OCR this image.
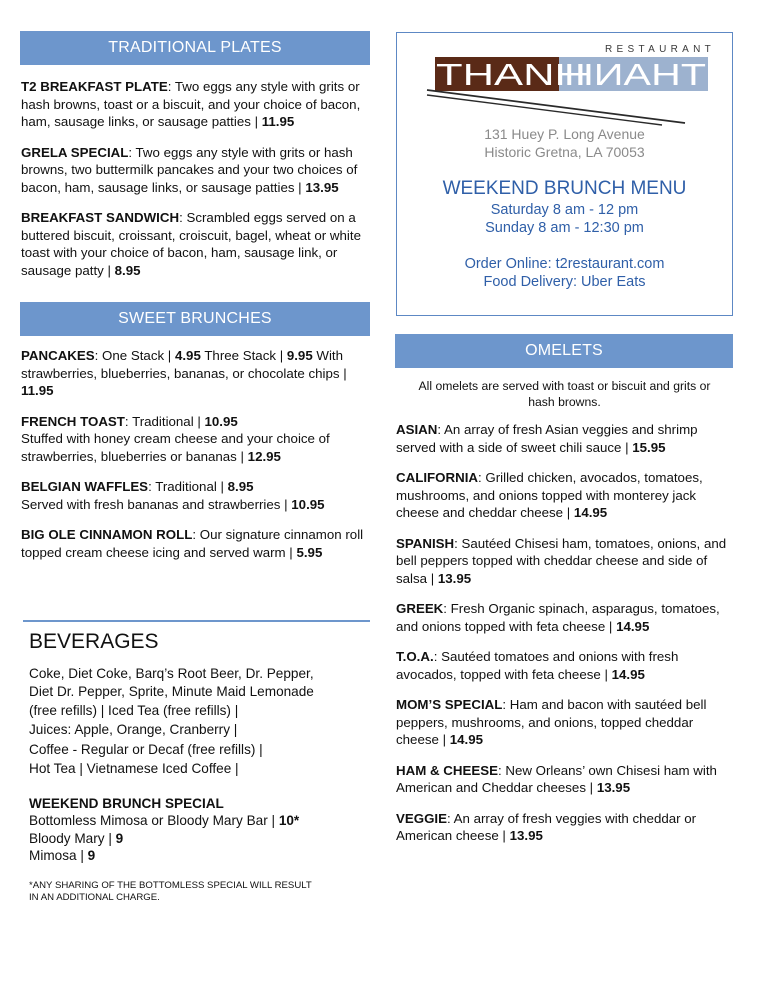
TRADITIONAL PLATES

T2 BREAKFAST PLATE: Two eggs any style with grits or hash browns, toast or a biscuit, and your choice of bacon, ham, sausage links, or sausage patties | 11.95

GRELA SPECIAL: Two eggs any style with grits or hash browns, two buttermilk pancakes and your two choices of bacon, ham, sausage links, or sausage patties | 13.95

BREAKFAST SANDWICH: Scrambled eggs served on a buttered biscuit, croissant, croiscuit, bagel, wheat or white toast with your choice of bacon, ham, sausage link, or sausage patty | 8.95

SWEET BRUNCHES

PANCAKES: One Stack | 4.95 Three Stack | 9.95 With strawberries, blueberries, bananas, or chocolate chips | 11.95

FRENCH TOAST: Traditional | 10.95
Stuffed with honey cream cheese and your choice of strawberries, blueberries or bananas | 12.95

BELGIAN WAFFLES: Traditional | 8.95
Served with fresh bananas and strawberries | 10.95

BIG OLE CINNAMON ROLL: Our signature cinnamon roll topped cream cheese icing and served warm | 5.95

BEVERAGES
Coke, Diet Coke, Barq’s Root Beer, Dr. Pepper,
Diet Dr. Pepper, Sprite, Minute Maid Lemonade
(free refills) | Iced Tea (free refills) |
Juices: Apple, Orange, Cranberry |
Coffee - Regular or Decaf (free refills) |
Hot Tea | Vietnamese Iced Coffee |
WEEKEND BRUNCH SPECIAL
Bottomless Mimosa or Bloody Mary Bar | 10*
Bloody Mary | 9
Mimosa | 9
*ANY SHARING OF THE BOTTOMLESS SPECIAL WILL RESULT
IN AN ADDITIONAL CHARGE.
THANH
THANH
RESTAURANT
131 Huey P. Long Avenue
Historic Gretna, LA 70053
WEEKEND BRUNCH MENU
Saturday 8 am - 12 pm
Sunday 8 am - 12:30 pm
Order Online: t2restaurant.com
Food Delivery: Uber Eats
OMELETS
All omelets are served with toast or biscuit and grits or
hash browns.

ASIAN: An array of fresh Asian veggies and shrimp served with a side of sweet chili sauce | 15.95

CALIFORNIA: Grilled chicken, avocados, tomatoes, mushrooms, and onions topped with monterey jack cheese and cheddar cheese | 14.95

SPANISH: Sautéed Chisesi ham, tomatoes, onions, and bell peppers topped with cheddar cheese and side of salsa | 13.95

GREEK: Fresh Organic spinach, asparagus, tomatoes, and onions topped with feta cheese | 14.95

T.O.A.: Sautéed tomatoes and onions with fresh avocados, topped with feta cheese | 14.95

MOM’S SPECIAL: Ham and bacon with sautéed bell peppers, mushrooms, and onions, topped cheddar cheese | 14.95

HAM & CHEESE: New Orleans’ own Chisesi ham with American and Cheddar cheeses | 13.95

VEGGIE: An array of fresh veggies with cheddar or American cheese | 13.95
